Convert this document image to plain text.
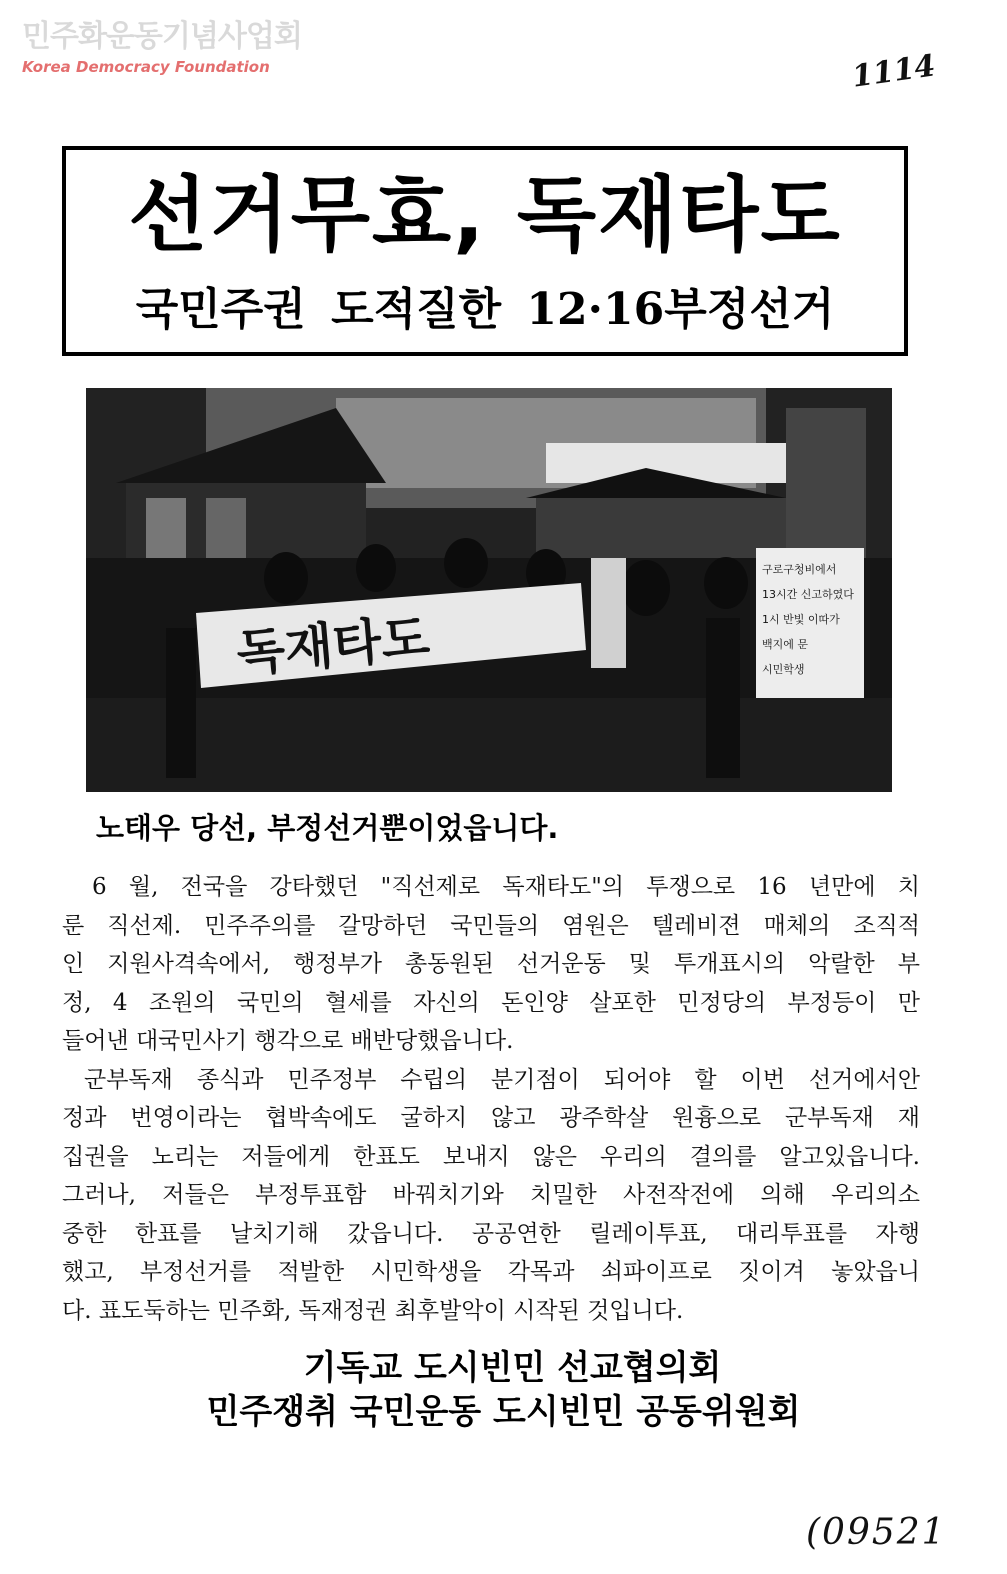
민주화운동기념사업회
Korea Democracy Foundation	1114
선거무효, 독재타도
국민주권 도적질한 12·16부정선거
독재타도
구로구청비에서
13시간 신고하였다
1시 반빛 이따가
백지에 문
시민학생
노태우 당선, 부정선거뿐이었읍니다.
6 월, 전국을 강타했던 "직선제로 독재타도"의 투쟁으로 16 년만에 치
룬 직선제. 민주주의를 갈망하던 국민들의 염원은 텔레비젼 매체의 조직적
인 지원사격속에서, 행정부가 총동원된 선거운동 및 투개표시의 악랄한 부
정, 4 조원의 국민의 혈세를 자신의 돈인양 살포한 민정당의 부정등이 만
들어낸 대국민사기 행각으로 배반당했읍니다.
군부독재 종식과 민주정부 수립의 분기점이 되어야 할 이번 선거에서안
정과 번영이라는 협박속에도 굴하지 않고 광주학살 원흉으로 군부독재 재
집권을 노리는 저들에게 한표도 보내지 않은 우리의 결의를 알고있읍니다.
그러나, 저들은 부정투표함 바꿔치기와 치밀한 사전작전에 의해 우리의소
중한 한표를 날치기해 갔읍니다. 공공연한 릴레이투표, 대리투표를 자행
했고, 부정선거를 적발한 시민학생을 각목과 쇠파이프로 짓이겨 놓았읍니
다. 표도둑하는 민주화, 독재정권 최후발악이 시작된 것입니다.
기독교 도시빈민 선교협의회
민주쟁취 국민운동 도시빈민 공동위원회
(09521
